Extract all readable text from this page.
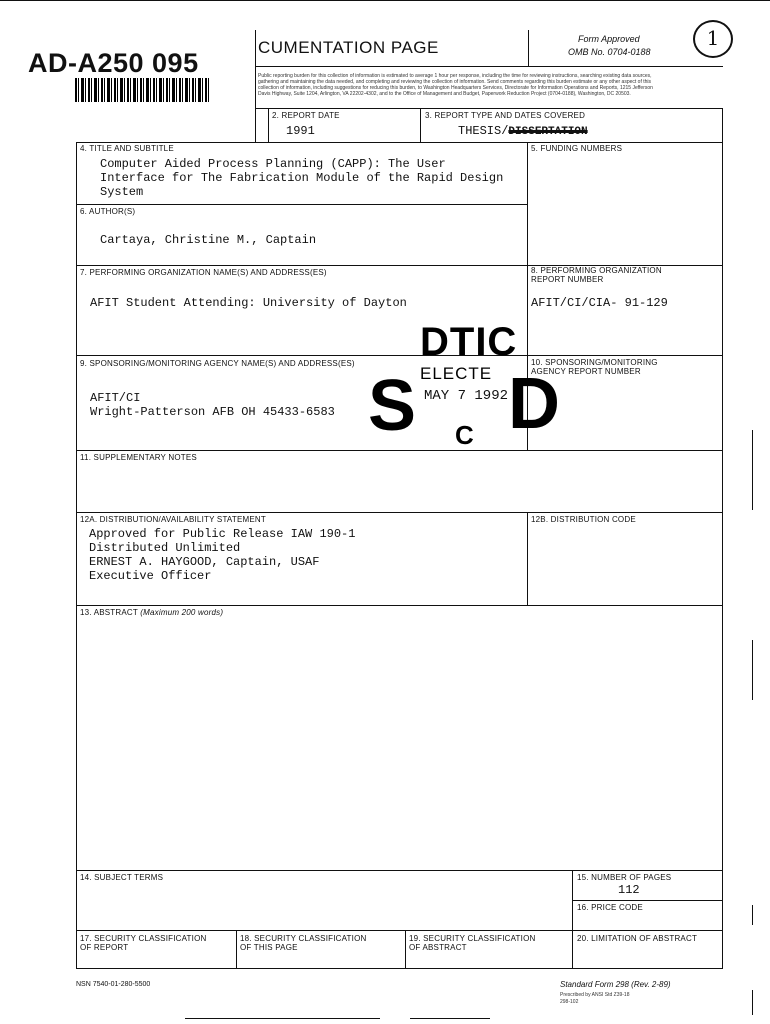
AD-A250 095
CUMENTATION PAGE	Form Approved
OMB No. 0704-0188
1
Public reporting burden for this collection of information is estimated to average 1 hour per response, including the time for reviewing instructions, searching existing data sources,
gathering and maintaining the data needed, and completing and reviewing the collection of information. Send comments regarding this burden estimate or any other aspect of this
collection of information, including suggestions for reducing this burden, to Washington Headquarters Services, Directorate for Information Operations and Reports, 1215 Jefferson
Davis Highway, Suite 1204, Arlington, VA 22202-4302, and to the Office of Management and Budget, Paperwork Reduction Project (0704-0188), Washington, DC 20503.
2. REPORT DATE
1991
3. REPORT TYPE AND DATES COVERED
THESIS/DISSERTATION
4. TITLE AND SUBTITLE
Computer Aided Process Planning (CAPP): The User
Interface for The Fabrication Module of the Rapid Design
System
5. FUNDING NUMBERS
6. AUTHOR(S)
Cartaya, Christine M., Captain
7. PERFORMING ORGANIZATION NAME(S) AND ADDRESS(ES)
AFIT Student Attending: University of Dayton
8. PERFORMING ORGANIZATION
REPORT NUMBER
AFIT/CI/CIA- 91-129
9. SPONSORING/MONITORING AGENCY NAME(S) AND ADDRESS(ES)
AFIT/CI
Wright-Patterson AFB OH 45433-6583
10. SPONSORING/MONITORING
AGENCY REPORT NUMBER
11. SUPPLEMENTARY NOTES
12A. DISTRIBUTION/AVAILABILITY STATEMENT
Approved for Public Release IAW 190-1
Distributed Unlimited
ERNEST A. HAYGOOD, Captain, USAF
Executive Officer
12B. DISTRIBUTION CODE
13. ABSTRACT (Maximum 200 words)
14. SUBJECT TERMS	15. NUMBER OF PAGES
112
16. PRICE CODE
17. SECURITY CLASSIFICATION
OF REPORT
18. SECURITY CLASSIFICATION
OF THIS PAGE
19. SECURITY CLASSIFICATION
OF ABSTRACT
20. LIMITATION OF ABSTRACT
DTIC
ELECTE
MAY 7 1992
S D
C
NSN 7540-01-280-5500	Standard Form 298 (Rev. 2-89)
Prescribed by ANSI Std Z39-18
298-102
